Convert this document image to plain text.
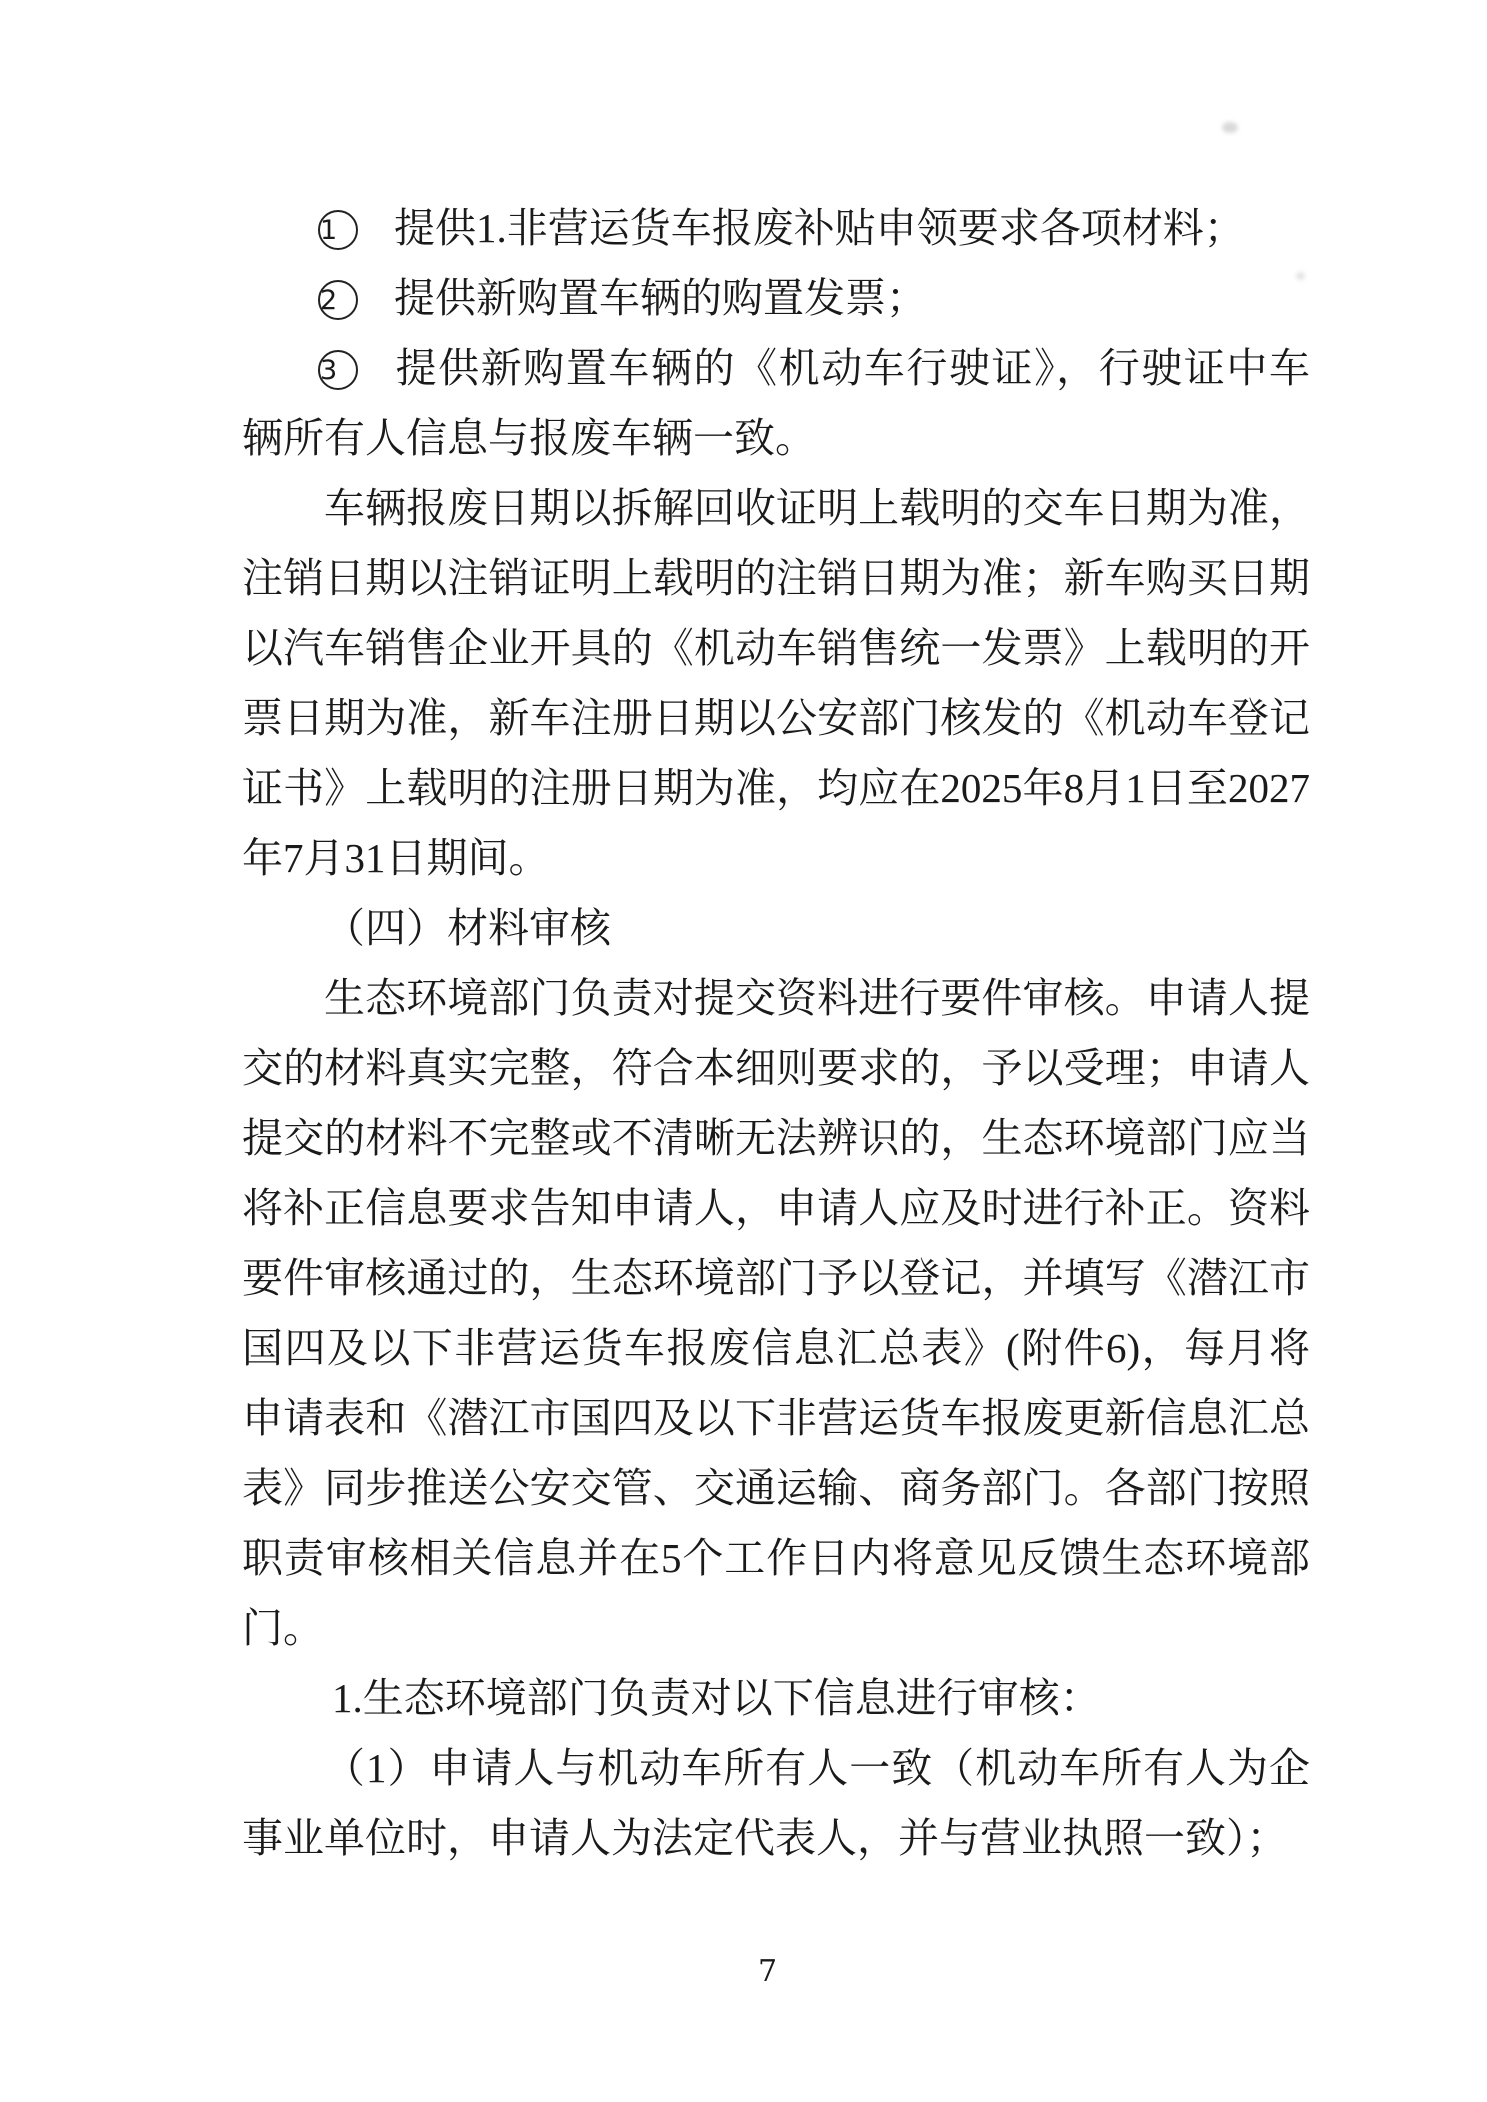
1 提供1.非营运货车报废补贴申领要求各项材料；

2 提供新购置车辆的购置发票；

3 提供新购置车辆的《机动车行驶证》，行驶证中车辆所有人信息与报废车辆一致。

车辆报废日期以拆解回收证明上载明的交车日期为准，注销日期以注销证明上载明的注销日期为准；新车购买日期以汽车销售企业开具的《机动车销售统一发票》上载明的开票日期为准，新车注册日期以公安部门核发的《机动车登记证书》上载明的注册日期为准，均应在2025年8月1日至2027年7月31日期间。

（四）材料审核

生态环境部门负责对提交资料进行要件审核。申请人提交的材料真实完整，符合本细则要求的，予以受理；申请人提交的材料不完整或不清晰无法辨识的，生态环境部门应当将补正信息要求告知申请人，申请人应及时进行补正。资料要件审核通过的，生态环境部门予以登记，并填写《潜江市国四及以下非营运货车报废信息汇总表》(附件6)，每月将申请表和《潜江市国四及以下非营运货车报废更新信息汇总表》同步推送公安交管、交通运输、商务部门。各部门按照职责审核相关信息并在5个工作日内将意见反馈生态环境部门。

1.生态环境部门负责对以下信息进行审核：

（1）申请人与机动车所有人一致（机动车所有人为企事业单位时，申请人为法定代表人，并与营业执照一致）；

7
